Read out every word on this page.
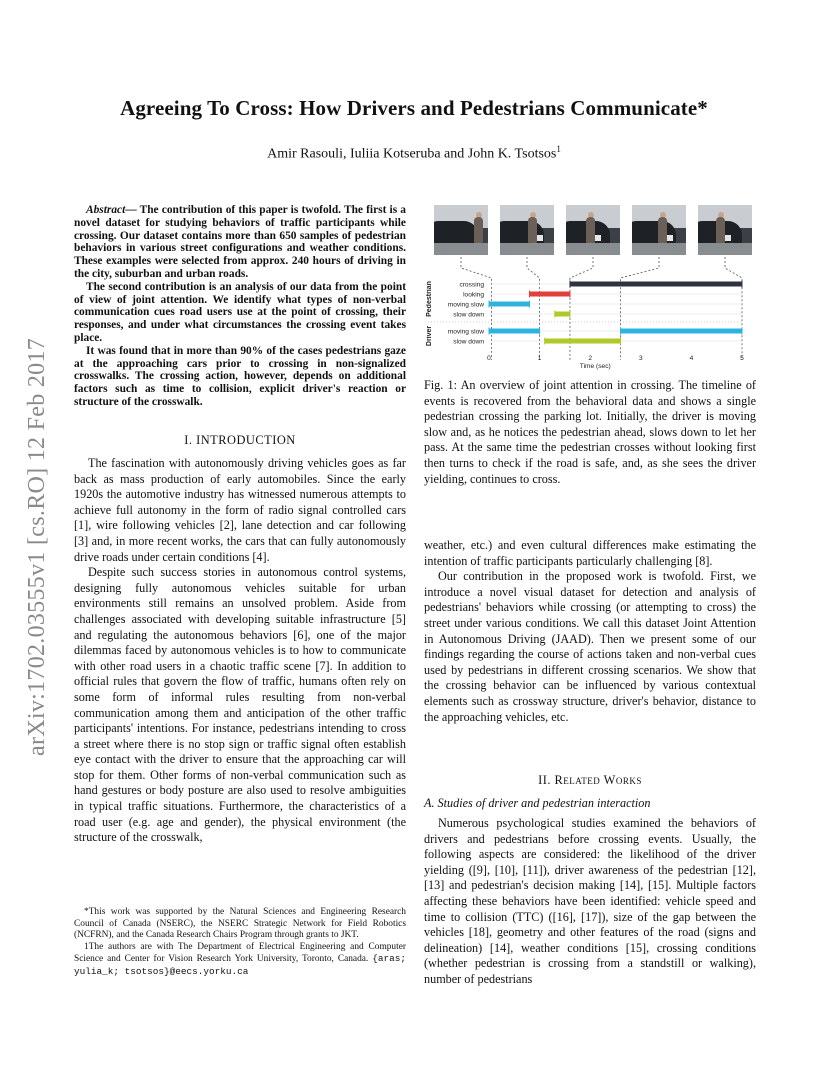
Agreeing To Cross: How Drivers and Pedestrians Communicate*
Amir Rasouli, Iuliia Kotseruba and John K. Tsotsos$^1$
arXiv:1702.03555v1 [cs.RO] 12 Feb 2017

Abstract— The contribution of this paper is twofold. The first is a novel dataset for studying behaviors of traffic participants while crossing. Our dataset contains more than 650 samples of pedestrian behaviors in various street configurations and weather conditions. These examples were selected from approx. 240 hours of driving in the city, suburban and urban roads.

The second contribution is an analysis of our data from the point of view of joint attention. We identify what types of non-verbal communication cues road users use at the point of crossing, their responses, and under what circumstances the crossing event takes place.

It was found that in more than 90% of the cases pedestrians gaze at the approaching cars prior to crossing in non-signalized crosswalks. The crossing action, however, depends on additional factors such as time to collision, explicit driver's reaction or structure of the crosswalk.

I. INTRODUCTION

The fascination with autonomously driving vehicles goes as far back as mass production of early automobiles. Since the early 1920s the automotive industry has witnessed numerous attempts to achieve full autonomy in the form of radio signal controlled cars [1], wire following vehicles [2], lane detection and car following [3] and, in more recent works, the cars that can fully autonomously drive roads under certain conditions [4].

Despite such success stories in autonomous control systems, designing fully autonomous vehicles suitable for urban environments still remains an unsolved problem. Aside from challenges associated with developing suitable infrastructure [5] and regulating the autonomous behaviors [6], one of the major dilemmas faced by autonomous vehicles is to how to communicate with other road users in a chaotic traffic scene [7]. In addition to official rules that govern the flow of traffic, humans often rely on some form of informal rules resulting from non-verbal communication among them and anticipation of the other traffic participants' intentions. For instance, pedestrians intending to cross a street where there is no stop sign or traffic signal often establish eye contact with the driver to ensure that the approaching car will stop for them. Other forms of non-verbal communication such as hand gestures or body posture are also used to resolve ambiguities in typical traffic situations. Furthermore, the characteristics of a road user (e.g. age and gender), the physical environment (the structure of the crosswalk,

*This work was supported by the Natural Sciences and Engineering Research Council of Canada (NSERC), the NSERC Strategic Network for Field Robotics (NCFRN), and the Canada Research Chairs Program through grants to JKT.

1The authors are with The Department of Electrical Engineering and Computer Science and Center for Vision Research York University, Toronto, Canada. {aras; yulia_k; tsotsos}@eecs.yorku.ca

Pedestrian
Driver
crossing
looking
moving slow
slow down
moving slow
slow down
0	1	2	3	4	5
Time (sec)
Fig. 1: An overview of joint attention in crossing. The timeline of events is recovered from the behavioral data and shows a single pedestrian crossing the parking lot. Initially, the driver is moving slow and, as he notices the pedestrian ahead, slows down to let her pass. At the same time the pedestrian crosses without looking first then turns to check if the road is safe, and, as she sees the driver yielding, continues to cross.

weather, etc.) and even cultural differences make estimating the intention of traffic participants particularly challenging [8].

Our contribution in the proposed work is twofold. First, we introduce a novel visual dataset for detection and analysis of pedestrians' behaviors while crossing (or attempting to cross) the street under various conditions. We call this dataset Joint Attention in Autonomous Driving (JAAD). Then we present some of our findings regarding the course of actions taken and non-verbal cues used by pedestrians in different crossing scenarios. We show that the crossing behavior can be influenced by various contextual elements such as crossway structure, driver's behavior, distance to the approaching vehicles, etc.

II. Related Works
A. Studies of driver and pedestrian interaction

Numerous psychological studies examined the behaviors of drivers and pedestrians before crossing events. Usually, the following aspects are considered: the likelihood of the driver yielding ([9], [10], [11]), driver awareness of the pedestrian [12], [13] and pedestrian's decision making [14], [15]. Multiple factors affecting these behaviors have been identified: vehicle speed and time to collision (TTC) ([16], [17]), size of the gap between the vehicles [18], geometry and other features of the road (signs and delineation) [14], weather conditions [15], crossing conditions (whether pedestrian is crossing from a standstill or walking), number of pedestrians
